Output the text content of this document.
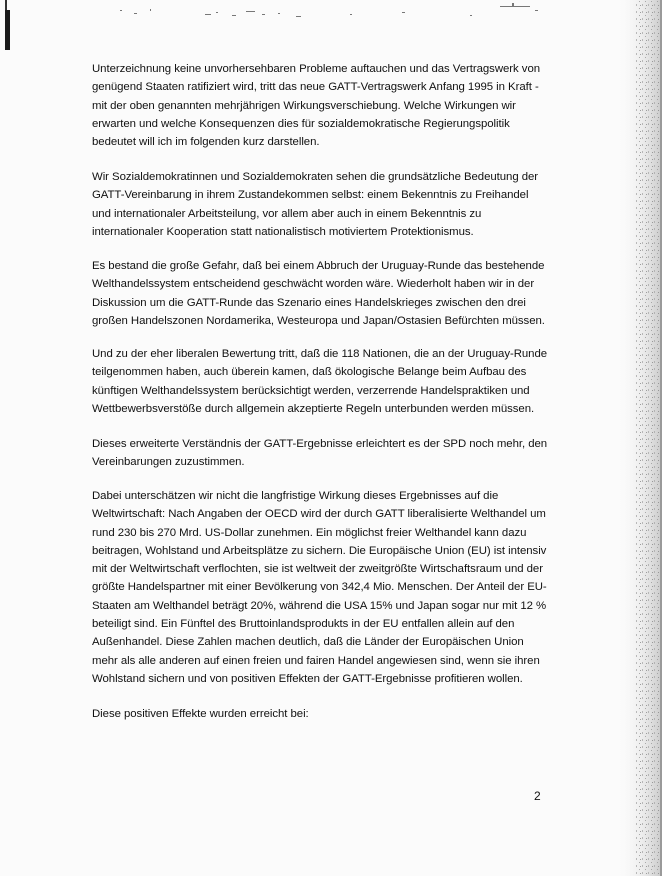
Unterzeichnung keine unvorhersehbaren Probleme auftauchen und das Vertragswerk von
genügend Staaten ratifiziert wird, tritt das neue GATT-Vertragswerk Anfang 1995 in Kraft -
mit der oben genannten mehrjährigen Wirkungsverschiebung. Welche Wirkungen wir
erwarten und welche Konsequenzen dies für sozialdemokratische Regierungspolitik
bedeutet will ich im folgenden kurz darstellen.
Wir Sozialdemokratinnen und Sozialdemokraten sehen die grundsätzliche Bedeutung der
GATT-Vereinbarung in ihrem Zustandekommen selbst: einem Bekenntnis zu Freihandel
und internationaler Arbeitsteilung, vor allem aber auch in einem Bekenntnis zu
internationaler Kooperation statt nationalistisch motiviertem Protektionismus.
Es bestand die große Gefahr, daß bei einem Abbruch der Uruguay-Runde das bestehende
Welthandelssystem entscheidend geschwächt worden wäre. Wiederholt haben wir in der
Diskussion um die GATT-Runde das Szenario eines Handelskrieges zwischen den drei
großen Handelszonen Nordamerika, Westeuropa und Japan/Ostasien Befürchten müssen.
Und zu der eher liberalen Bewertung tritt, daß die 118 Nationen, die an der Uruguay-Runde
teilgenommen haben, auch überein kamen, daß ökologische Belange beim Aufbau des
künftigen Welthandelssystem berücksichtigt werden, verzerrende Handelspraktiken und
Wettbewerbsverstöße durch allgemein akzeptierte Regeln unterbunden werden müssen.
Dieses erweiterte Verständnis der GATT-Ergebnisse erleichtert es der SPD noch mehr, den
Vereinbarungen zuzustimmen.
Dabei unterschätzen wir nicht die langfristige Wirkung dieses Ergebnisses auf die
Weltwirtschaft: Nach Angaben der OECD wird der durch GATT liberalisierte Welthandel um
rund 230 bis 270 Mrd. US-Dollar zunehmen. Ein möglichst freier Welthandel kann dazu
beitragen, Wohlstand und Arbeitsplätze zu sichern. Die Europäische Union (EU) ist intensiv
mit der Weltwirtschaft verflochten, sie ist weltweit der zweitgrößte Wirtschaftsraum und der
größte Handelspartner mit einer Bevölkerung von 342,4 Mio. Menschen. Der Anteil der EU-
Staaten am Welthandel beträgt 20%, während die USA 15% und Japan sogar nur mit 12 %
beteiligt sind. Ein Fünftel des Bruttoinlandsprodukts in der EU entfallen allein auf den
Außenhandel. Diese Zahlen machen deutlich, daß die Länder der Europäischen Union
mehr als alle anderen auf einen freien und fairen Handel angewiesen sind, wenn sie ihren
Wohlstand sichern und von positiven Effekten der GATT-Ergebnisse profitieren wollen.
Diese positiven Effekte wurden erreicht bei:
2
